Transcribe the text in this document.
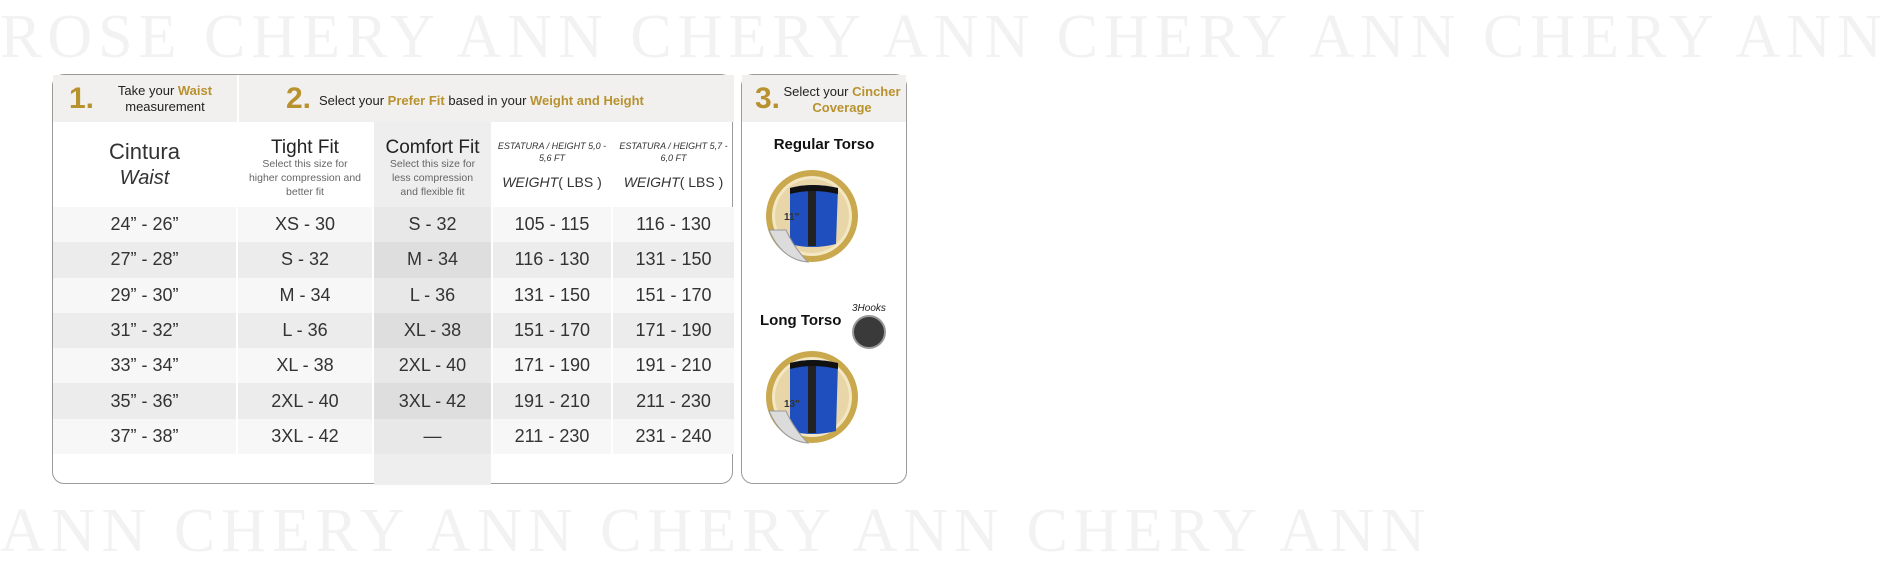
ROSE CHERY ANN CHERY ANN CHERY ANN CHERY ANN
ANN CHERY ANN CHERY ANN CHERY ANN
1.	Take your Waist
measurement	2. Select your Prefer Fit based in your Weight and Height
Cintura
Waist
24” - 26”
27” - 28”
29” - 30”
31” - 32”
33” - 34”
35” - 36”
37” - 38”
Tight Fit
Select this size for higher compression and better fit
XS - 30
S - 32
M - 34
L - 36
XL - 38
2XL - 40
3XL - 42
Comfort Fit
Select this size for less compression and flexible fit
S - 32
M - 34
L - 36
XL - 38
2XL - 40
3XL - 42
—
ESTATURA / HEIGHT 5,0 - 5,6 FT
WEIGHT( LBS )
105 - 115
116 - 130
131 - 150
151 - 170
171 - 190
191 - 210
211 - 230
ESTATURA / HEIGHT 5,7 - 6,0 FT
WEIGHT( LBS )
116 - 130
131 - 150
151 - 170
171 - 190
191 - 210
211 - 230
231 - 240
3. Select your Cincher Coverage
Regular Torso
11"
Long Torso
3Hooks
13"
